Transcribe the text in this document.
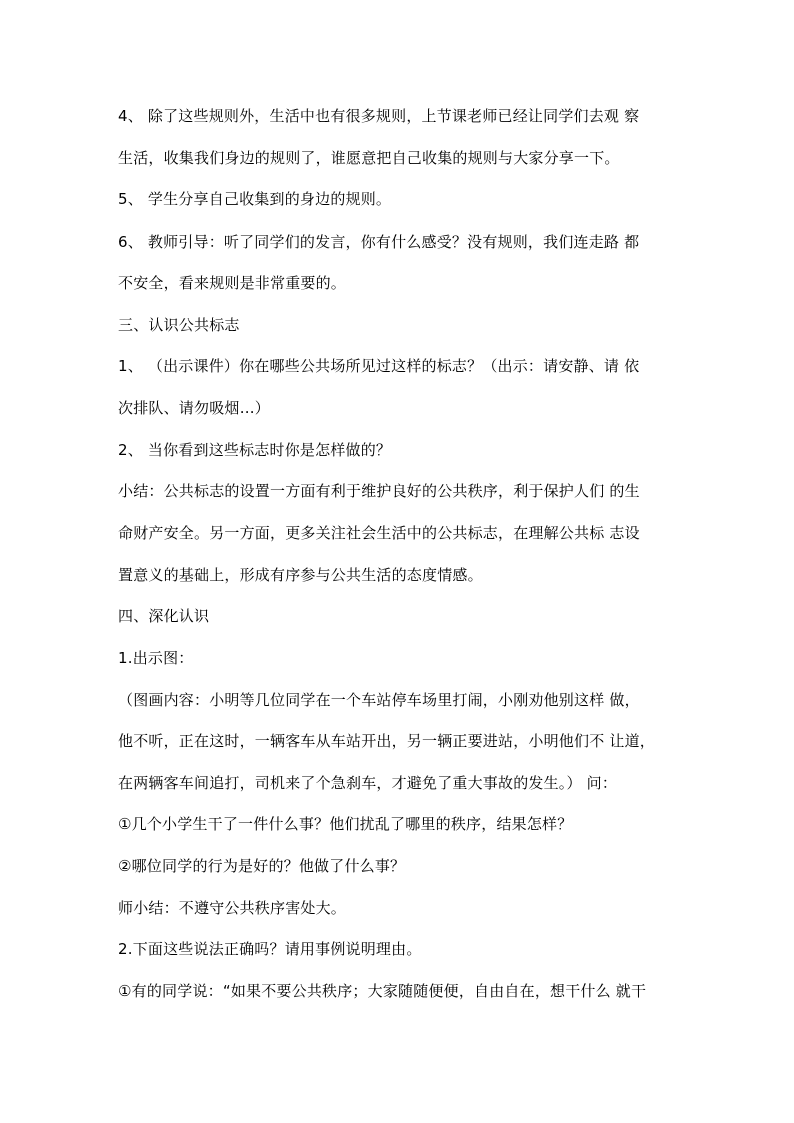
4、 除了这些规则外，生活中也有很多规则，上节课老师已经让同学们去观 察
生活，收集我们身边的规则了，谁愿意把自己收集的规则与大家分享一下。
5、 学生分享自己收集到的身边的规则。
6、 教师引导：听了同学们的发言，你有什么感受？没有规则，我们连走路 都
不安全，看来规则是非常重要的。
三、认识公共标志
1、 （出示课件）你在哪些公共场所见过这样的标志？（出示：请安静、请 依
次排队、请勿吸烟…）
2、 当你看到这些标志时你是怎样做的？
小结：公共标志的设置一方面有利于维护良好的公共秩序，利于保护人们 的生
命财产安全。另一方面，更多关注社会生活中的公共标志，在理解公共标 志设
置意义的基础上，形成有序参与公共生活的态度情感。
四、深化认识
1.出示图：
（图画内容：小明等几位同学在一个车站停车场里打闹，小刚劝他别这样 做，
他不听，正在这时，一辆客车从车站开出，另一辆正要进站，小明他们不 让道，
在两辆客车间追打，司机来了个急刹车，才避免了重大事故的发生。） 问：
①几个小学生干了一件什么事？他们扰乱了哪里的秩序，结果怎样？
②哪位同学的行为是好的？他做了什么事？
师小结：不遵守公共秩序害处大。
2.下面这些说法正确吗？请用事例说明理由。
①有的同学说：“如果不要公共秩序；大家随随便便，自由自在，想干什么 就干
